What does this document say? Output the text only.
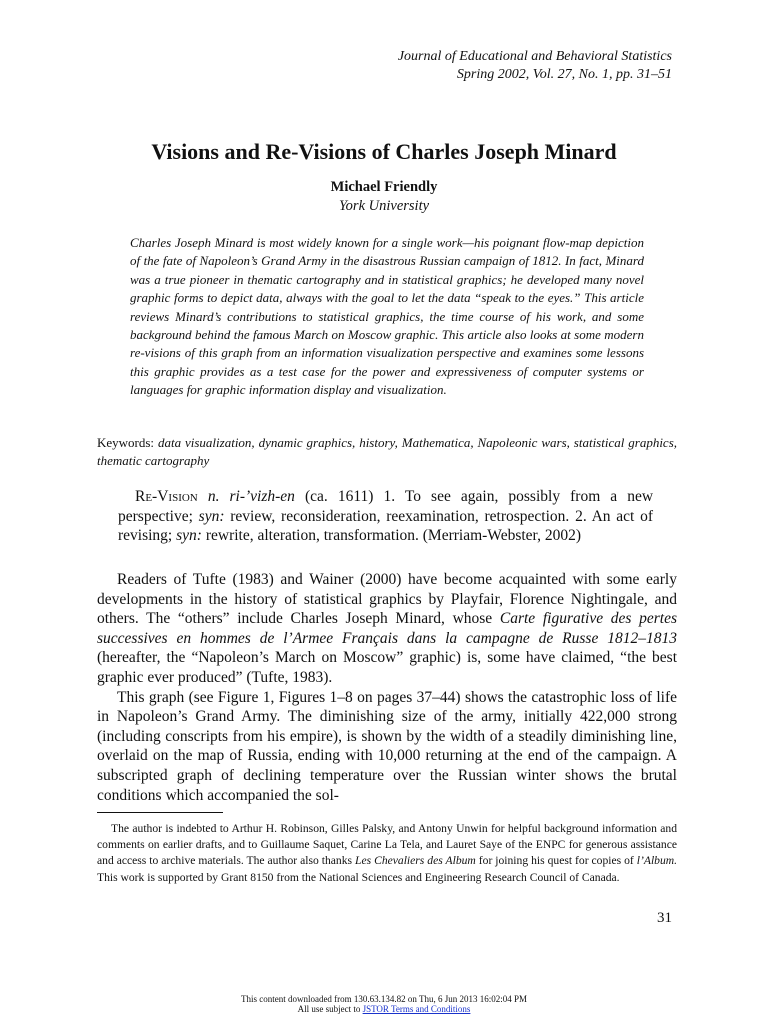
Journal of Educational and Behavioral Statistics
Spring 2002, Vol. 27, No. 1, pp. 31–51
Visions and Re-Visions of Charles Joseph Minard
Michael Friendly
York University

Charles Joseph Minard is most widely known for a single work—his poignant flow-map depiction of the fate of Napoleon’s Grand Army in the disastrous Russian campaign of 1812. In fact, Minard was a true pioneer in thematic cartography and in statistical graphics; he developed many novel graphic forms to depict data, always with the goal to let the data “speak to the eyes.” This article reviews Minard’s contributions to statistical graphics, the time course of his work, and some background behind the famous March on Moscow graphic. This article also looks at some modern re-visions of this graph from an information visualization perspective and examines some lessons this graphic provides as a test case for the power and expressiveness of computer systems or languages for graphic information display and visualization.

Keywords: data visualization, dynamic graphics, history, Mathematica, Napoleonic wars, statistical graphics, thematic cartography

Re-Vision n. ri-’vizh-en (ca. 1611) 1. To see again, possibly from a new perspective; syn: review, reconsideration, reexamination, retrospection. 2. An act of revising; syn: rewrite, alteration, transformation. (Merriam-Webster, 2002)

Readers of Tufte (1983) and Wainer (2000) have become acquainted with some early developments in the history of statistical graphics by Playfair, Florence Nightingale, and others. The “others” include Charles Joseph Minard, whose Carte figurative des pertes successives en hommes de l’Armee Français dans la campagne de Russe 1812–1813 (hereafter, the “Napoleon’s March on Moscow” graphic) is, some have claimed, “the best graphic ever produced” (Tufte, 1983).

This graph (see Figure 1, Figures 1–8 on pages 37–44) shows the catastrophic loss of life in Napoleon’s Grand Army. The diminishing size of the army, initially 422,000 strong (including conscripts from his empire), is shown by the width of a steadily diminishing line, overlaid on the map of Russia, ending with 10,000 returning at the end of the campaign. A subscripted graph of declining temperature over the Russian winter shows the brutal conditions which accompanied the sol-

The author is indebted to Arthur H. Robinson, Gilles Palsky, and Antony Unwin for helpful background information and comments on earlier drafts, and to Guillaume Saquet, Carine La Tela, and Lauret Saye of the ENPC for generous assistance and access to archive materials. The author also thanks Les Chevaliers des Album for joining his quest for copies of l’Album. This work is supported by Grant 8150 from the National Sciences and Engineering Research Council of Canada.

31
This content downloaded from 130.63.134.82 on Thu, 6 Jun 2013 16:02:04 PM
All use subject to JSTOR Terms and Conditions
